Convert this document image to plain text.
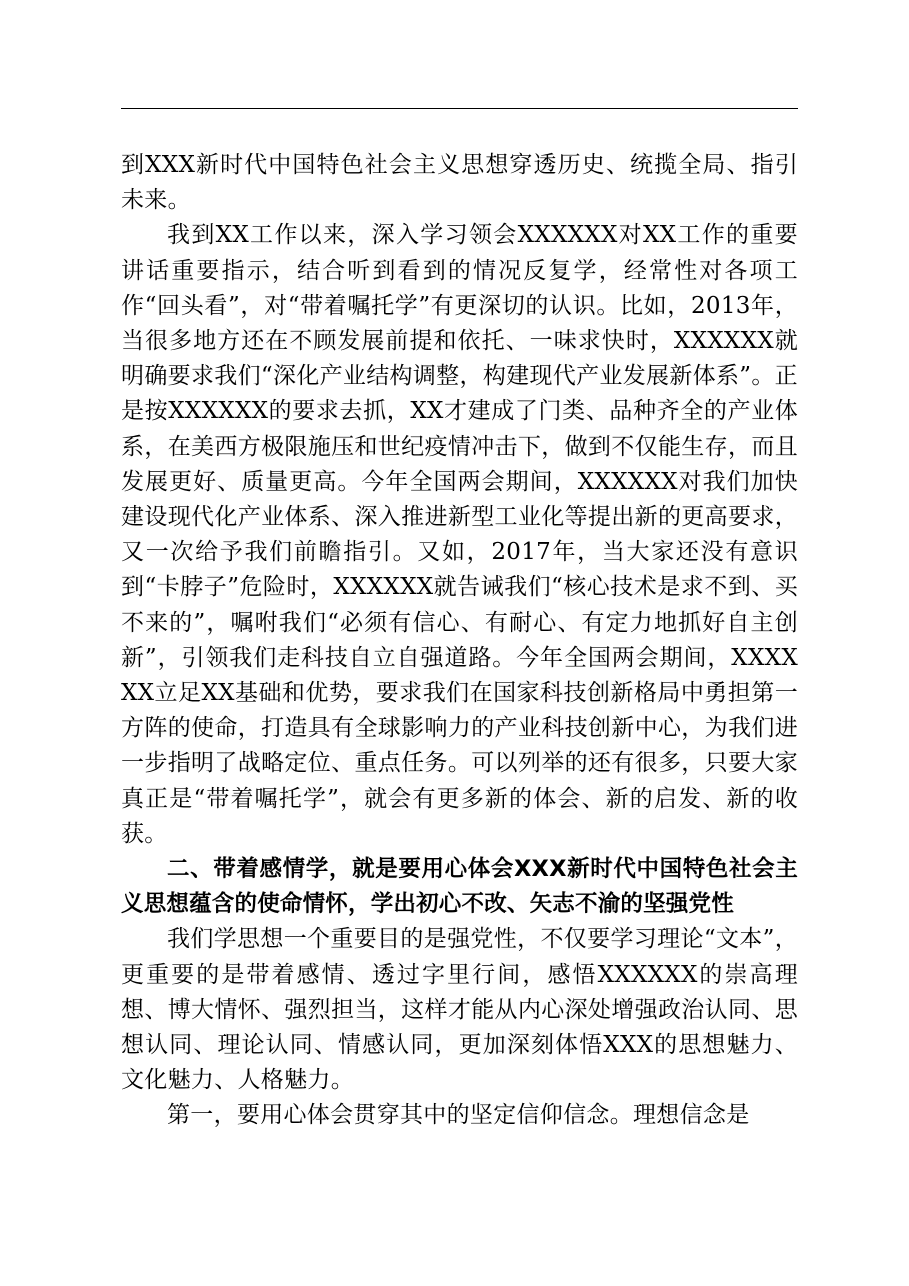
到XXX新时代中国特色社会主义思想穿透历史、统揽全局、指引未来。

我到XX工作以来，深入学习领会XXXXXX对XX工作的重要讲话重要指示，结合听到看到的情况反复学，经常性对各项工作“回头看”，对“带着嘱托学”有更深切的认识。比如，2013年，当很多地方还在不顾发展前提和依托、一味求快时，XXXXXX就明确要求我们“深化产业结构调整，构建现代产业发展新体系”。正是按XXXXXX的要求去抓，XX才建成了门类、品种齐全的产业体系，在美西方极限施压和世纪疫情冲击下，做到不仅能生存，而且发展更好、质量更高。今年全国两会期间，XXXXXX对我们加快建设现代化产业体系、深入推进新型工业化等提出新的更高要求，又一次给予我们前瞻指引。又如，2017年，当大家还没有意识到“卡脖子”危险时，XXXXXX就告诫我们“核心技术是求不到、买不来的”，嘱咐我们“必须有信心、有耐心、有定力地抓好自主创新”，引领我们走科技自立自强道路。今年全国两会期间，XXXXXX立足XX基础和优势，要求我们在国家科技创新格局中勇担第一方阵的使命，打造具有全球影响力的产业科技创新中心，为我们进一步指明了战略定位、重点任务。可以列举的还有很多，只要大家真正是“带着嘱托学”，就会有更多新的体会、新的启发、新的收获。

二、带着感情学，就是要用心体会XXX新时代中国特色社会主义思想蕴含的使命情怀，学出初心不改、矢志不渝的坚强党性

我们学思想一个重要目的是强党性，不仅要学习理论“文本”，更重要的是带着感情、透过字里行间，感悟XXXXXX的崇高理想、博大情怀、强烈担当，这样才能从内心深处增强政治认同、思想认同、理论认同、情感认同，更加深刻体悟XXX的思想魅力、文化魅力、人格魅力。

第一，要用心体会贯穿其中的坚定信仰信念。理想信念是
